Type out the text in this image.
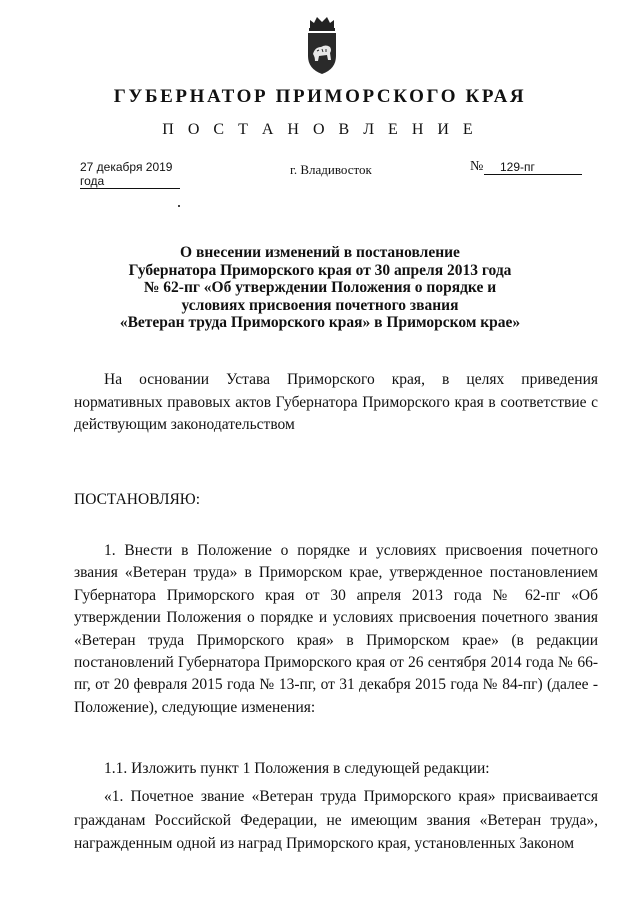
ГУБЕРНАТОР ПРИМОРСКОГО КРАЯ
П О С Т А Н О В Л Е Н И Е
27 декабря 2019 года
г. Владивосток	№	129-пг
О внесении изменений в постановление
Губернатора Приморского края от 30 апреля 2013 года
№ 62-пг «Об утверждении Положения о порядке и
условиях присвоения почетного звания
«Ветеран труда Приморского края» в Приморском крае»
На основании Устава Приморского края, в целях приведения нормативных правовых актов Губернатора Приморского края в соответствие с действующим законодательством
ПОСТАНОВЛЯЮ:
1. Внести в Положение о порядке и условиях присвоения почетного звания «Ветеран труда» в Приморском крае, утвержденное постановлением Губернатора Приморского края от 30 апреля 2013 года № 62-пг «Об утверждении Положения о порядке и условиях присвоения почетного звания «Ветеран труда Приморского края» в Приморском крае» (в редакции постановлений Губернатора Приморского края от 26 сентября 2014 года № 66-пг, от 20 февраля 2015 года № 13-пг, от 31 декабря 2015 года № 84-пг) (далее - Положение), следующие изменения:
1.1. Изложить пункт 1 Положения в следующей редакции:
«1. Почетное звание «Ветеран труда Приморского края» присваивается гражданам Российской Федерации, не имеющим звания «Ветеран труда», награжденным одной из наград Приморского края, установленных Законом
